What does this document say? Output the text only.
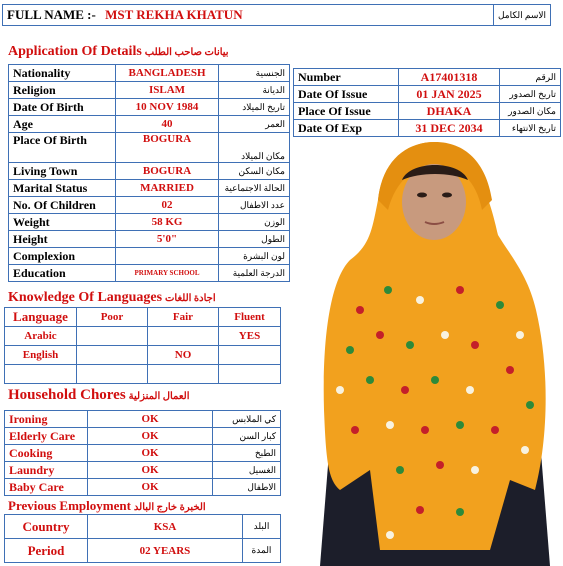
FULL NAME :- MST REKHA KHATUN	الاسم الكامل
Application Of Details بيانات صاحب الطلب
Nationality	BANGLADESH	الجنسية
Religion	ISLAM	الديانة
Date Of Birth	10 NOV 1984	تاريخ الميلاد
Age	40	العمر
Place Of Birth	BOGURA	مكان الميلاد
Living Town	BOGURA	مكان السكن
Marital Status	MARRIED	الحالة الاجتماعية
No. Of Children	02	عدد الاطفال
Weight	58 KG	الوزن
Height	5'0"	الطول
Complexion		لون البشرة
Education	PRIMARY SCHOOL	الدرجة العلمية
Number	A17401318	الرقم
Date Of Issue	01 JAN 2025	تاريخ الصدور
Place Of Issue	DHAKA	مكان الصدور
Date Of Exp	31 DEC 2034	تاريخ الانتهاء
Knowledge Of Languages اجادة اللغات
Language	Poor	Fair	Fluent
Arabic			YES
English		NO	

Household Chores العمال المنزلية
Ironing	OK	كي الملابس
Elderly Care	OK	كبار السن
Cooking	OK	الطبخ
Laundry	OK	الغسيل
Baby Care	OK	الاطفال
Previous Employment الخبرة خارج البالد
Country	KSA	البلد
Period	02 YEARS	المدة
